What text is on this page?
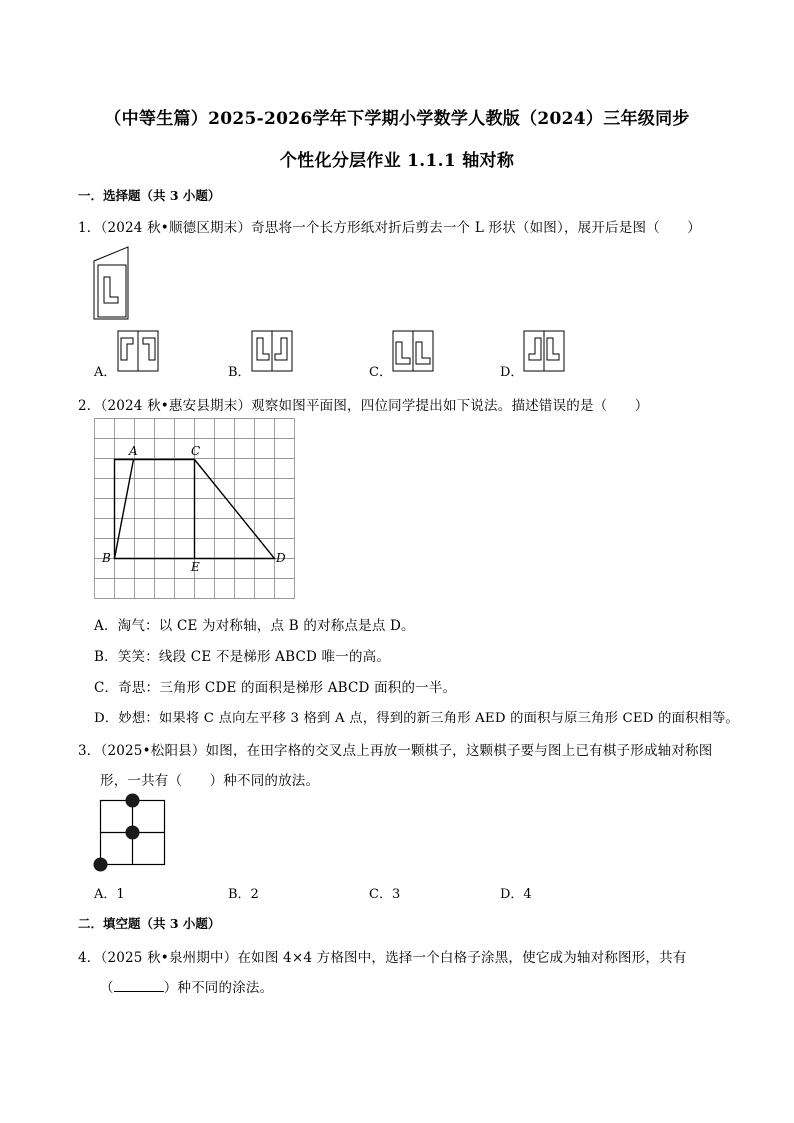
（中等生篇）2025-2026学年下学期小学数学人教版（2024）三年级同步
个性化分层作业 1.1.1 轴对称
一．选择题（共 3 小题）
1．（2024 秋•顺德区期末）奇思将一个长方形纸对折后剪去一个 L 形状（如图），展开后是图（　　）
A．	B．	C．	D．
2．（2024 秋•惠安县期末）观察如图平面图，四位同学提出如下说法。描述错误的是（　　）
A	C
B
E
D
A．淘气：以 CE 为对称轴，点 B 的对称点是点 D。
B．笑笑：线段 CE 不是梯形 ABCD 唯一的高。
C．奇思：三角形 CDE 的面积是梯形 ABCD 面积的一半。
D．妙想：如果将 C 点向左平移 3 格到 A 点，得到的新三角形 AED 的面积与原三角形 CED 的面积相等。
3．（2025•松阳县）如图，在田字格的交叉点上再放一颗棋子，这颗棋子要与图上已有棋子形成轴对称图
形，一共有（　　）种不同的放法。
A．1	B．2	C．3	D．4
二．填空题（共 3 小题）
4．（2025 秋•泉州期中）在如图 4×4 方格图中，选择一个白格子涂黑，使它成为轴对称图形，共有
（	）种不同的涂法。
